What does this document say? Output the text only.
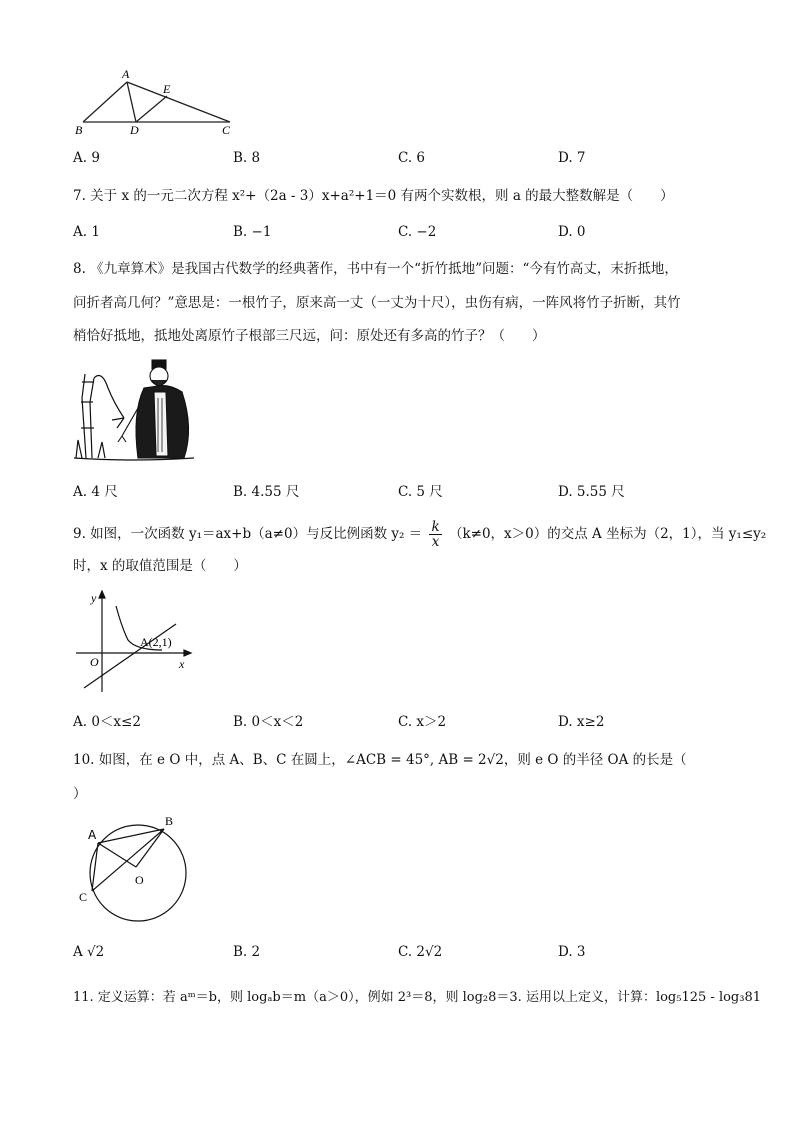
A
E
B	D	C
A. 9	B. 8	C. 6	D. 7
7. 关于 x 的一元二次方程 x²+（2a - 3）x+a²+1＝0 有两个实数根，则 a 的最大整数解是（　　）
A. 1	B. −1	C. −2	D. 0
8. 《九章算术》是我国古代数学的经典著作，书中有一个“折竹抵地”问题：“今有竹高丈，末折抵地，
问折者高几何？”意思是：一根竹子，原来高一丈（一丈为十尺），虫伤有病，一阵风将竹子折断，其竹
梢恰好抵地，抵地处离原竹子根部三尺远，问：原处还有多高的竹子？（　　）
A. 4 尺	B. 4.55 尺	C. 5 尺	D. 5.55 尺
9. 如图，一次函数 y₁＝ax+b（a≠0）与反比例函数 $y_2 = \frac{k}{x} (k\ne 0$，x＞0）的交点 A 坐标为（2，1），当 y₁≤y₂
时，x 的取值范围是（　　）
y
x
O
A(2,1)
A. 0＜x≤2	B. 0＜x＜2	C. x＞2	D. x≥2
10. 如图，在 e O 中，点 A、B、C 在圆上，∠ACB = 45°, AB = 2√2，则 e O 的半径 OA 的长是（
）
A
B
C
O
A √2	B. 2	C. 2√2	D. 3
11. 定义运算：若 aᵐ＝b，则 logₐb＝m（a＞0），例如 2³＝8，则 log₂8＝3. 运用以上定义，计算：log₅125 - log₃81
